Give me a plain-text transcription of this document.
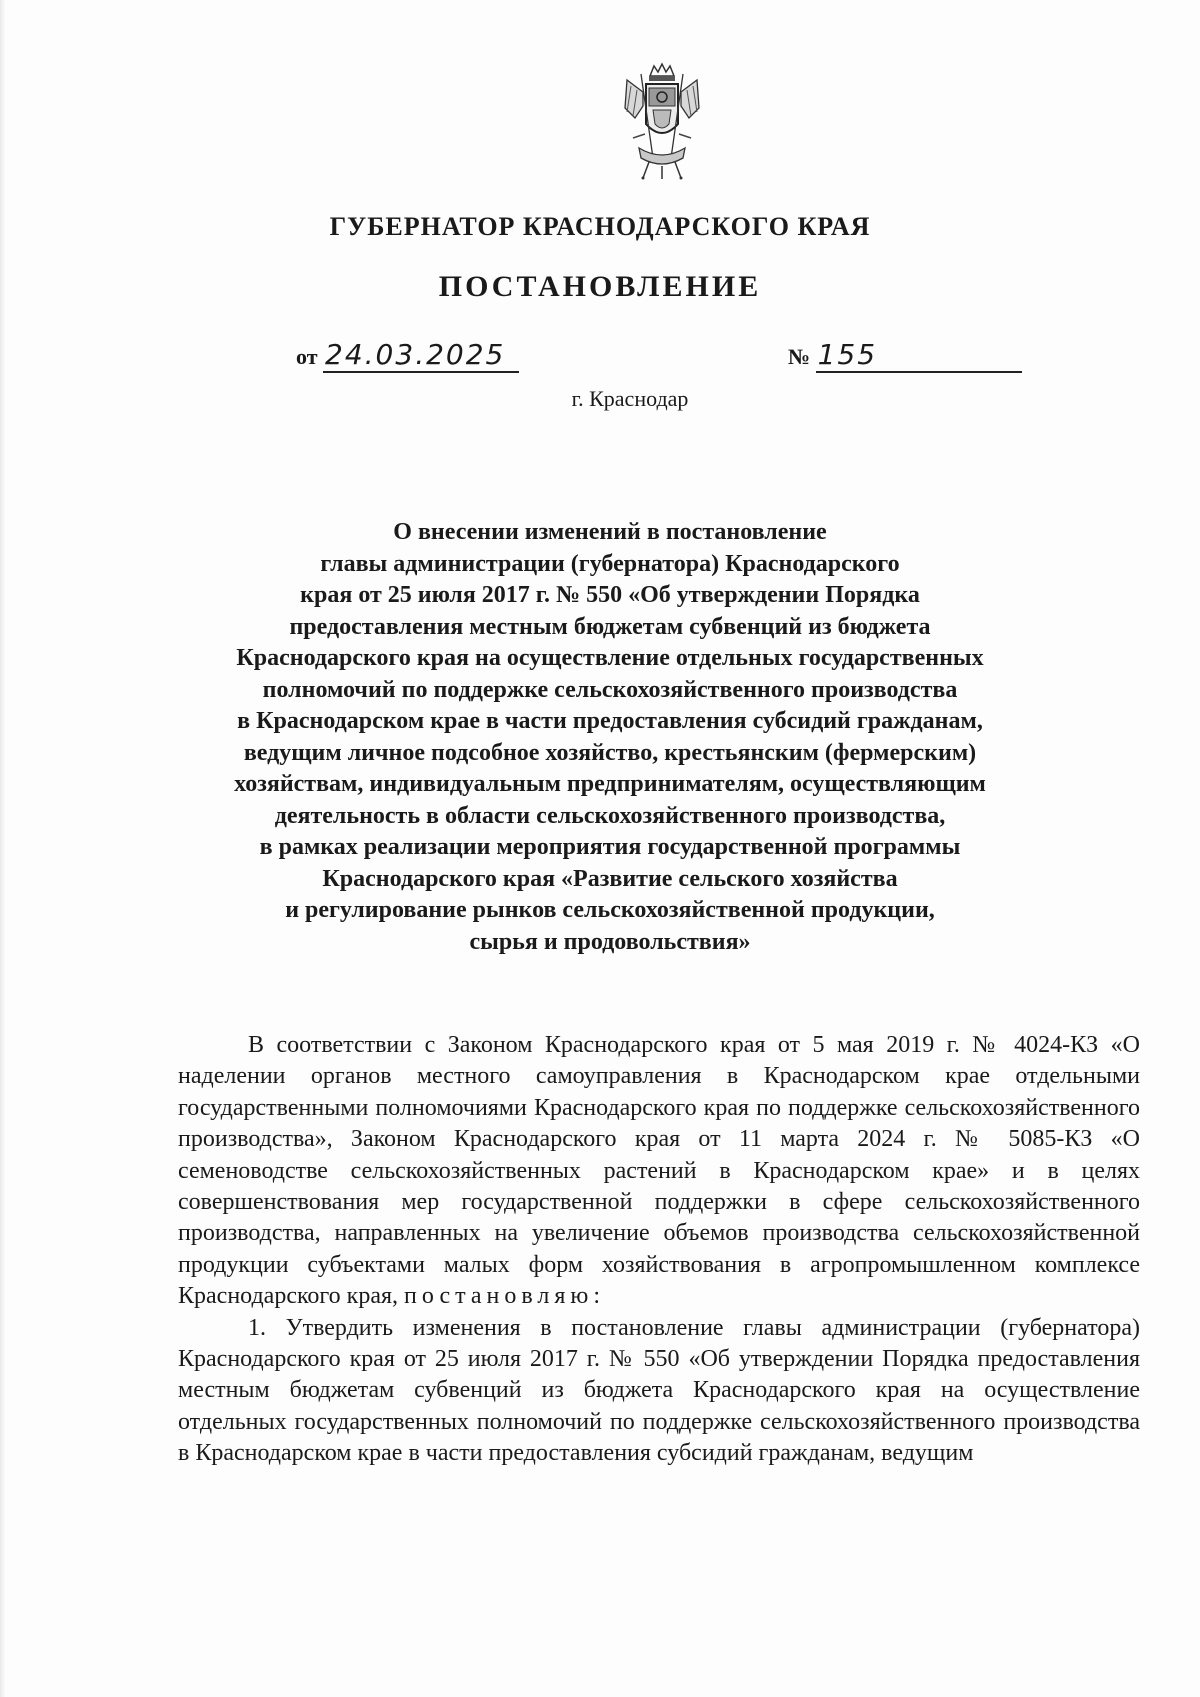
ГУБЕРНАТОР КРАСНОДАРСКОГО КРАЯ
ПОСТАНОВЛЕНИЕ
от 24.03.2025	№ 155
г. Краснодар
О внесении изменений в постановление
главы администрации (губернатора) Краснодарского
края от 25 июля 2017 г. № 550 «Об утверждении Порядка
предоставления местным бюджетам субвенций из бюджета
Краснодарского края на осуществление отдельных государственных
полномочий по поддержке сельскохозяйственного производства
в Краснодарском крае в части предоставления субсидий гражданам,
ведущим личное подсобное хозяйство, крестьянским (фермерским)
хозяйствам, индивидуальным предпринимателям, осуществляющим
деятельность в области сельскохозяйственного производства,
в рамках реализации мероприятия государственной программы
Краснодарского края «Развитие сельского хозяйства
и регулирование рынков сельскохозяйственной продукции,
сырья и продовольствия»

В соответствии с Законом Краснодарского края от 5 мая 2019 г. № 4024-КЗ «О наделении органов местного самоуправления в Краснодарском крае отдельными государственными полномочиями Краснодарского края по поддержке сельскохозяйственного производства», Законом Краснодарского края от 11 марта 2024 г. № 5085-КЗ «О семеноводстве сельскохозяйственных растений в Краснодарском крае» и в целях совершенствования мер государственной поддержки в сфере сельскохозяйственного производства, направленных на увеличение объемов производства сельскохозяйственной продукции субъектами малых форм хозяйствования в агропромышленном комплексе Краснодарского края, постановляю:

1. Утвердить изменения в постановление главы администрации (губернатора) Краснодарского края от 25 июля 2017 г. № 550 «Об утверждении Порядка предоставления местным бюджетам субвенций из бюджета Краснодарского края на осуществление отдельных государственных полномочий по поддержке сельскохозяйственного производства в Краснодарском крае в части предоставления субсидий гражданам, ведущим
